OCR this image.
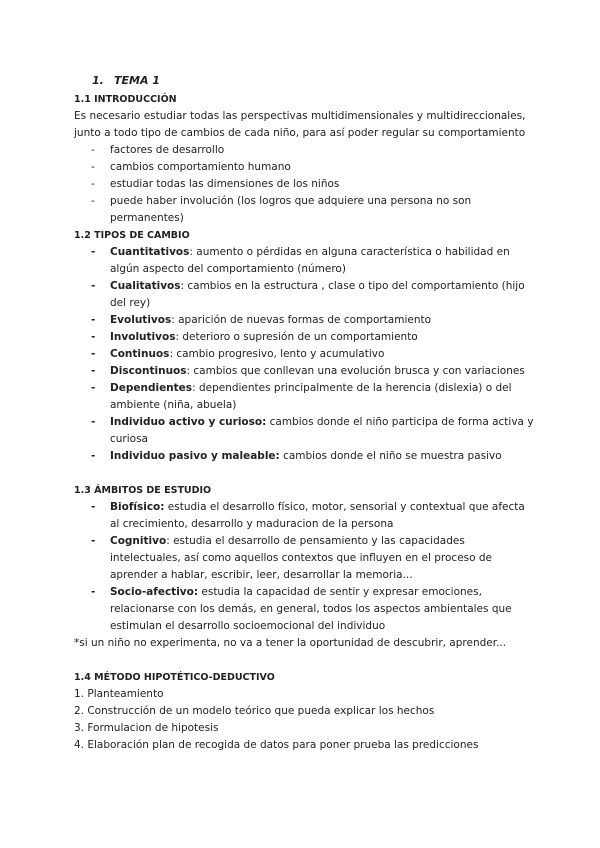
1. TEMA 1

1.1 INTRODUCCIÓN

Es necesario estudiar todas las perspectivas multidimensionales y multidireccionales, junto a todo tipo de cambios de cada niño, para así poder regular su comportamiento

- factores de desarrollo
- cambios comportamiento humano
- estudiar todas las dimensiones de los niños
- puede haber involución (los logros que adquiere una persona no son permanentes)

1.2 TIPOS DE CAMBIO

- Cuantitativos: aumento o pérdidas en alguna característica o habilidad en algún aspecto del comportamiento (número)
- Cualitativos: cambios en la estructura , clase o tipo del comportamiento (hijo del rey)
- Evolutivos: aparición de nuevas formas de comportamiento
- Involutivos: deterioro o supresión de un comportamiento
- Continuos: cambio progresivo, lento y acumulativo
- Discontinuos: cambios que conllevan una evolución brusca y con variaciones
- Dependientes: dependientes principalmente de la herencia (dislexia) o del ambiente (niña, abuela)
- Individuo activo y curioso: cambios donde el niño participa de forma activa y curiosa
- Individuo pasivo y maleable: cambios donde el niño se muestra pasivo

1.3 ÁMBITOS DE ESTUDIO

- Biofísico: estudia el desarrollo físico, motor, sensorial y contextual que afecta al crecimiento, desarrollo y maduracion de la persona
- Cognitivo: estudia el desarrollo de pensamiento y las capacidades intelectuales, así como aquellos contextos que influyen en el proceso de aprender a hablar, escribir, leer, desarrollar la memoria...
- Socio-afectivo: estudia la capacidad de sentir y expresar emociones, relacionarse con los demás, en general, todos los aspectos ambientales que estimulan el desarrollo socioemocional del individuo

*si un niño no experimenta, no va a tener la oportunidad de descubrir, aprender...

1.4 MÉTODO HIPOTÉTICO-DEDUCTIVO

1. Planteamiento
2. Construcción de un modelo teórico que pueda explicar los hechos
3. Formulacion de hipotesis
4. Elaboración plan de recogida de datos para poner prueba las predicciones
